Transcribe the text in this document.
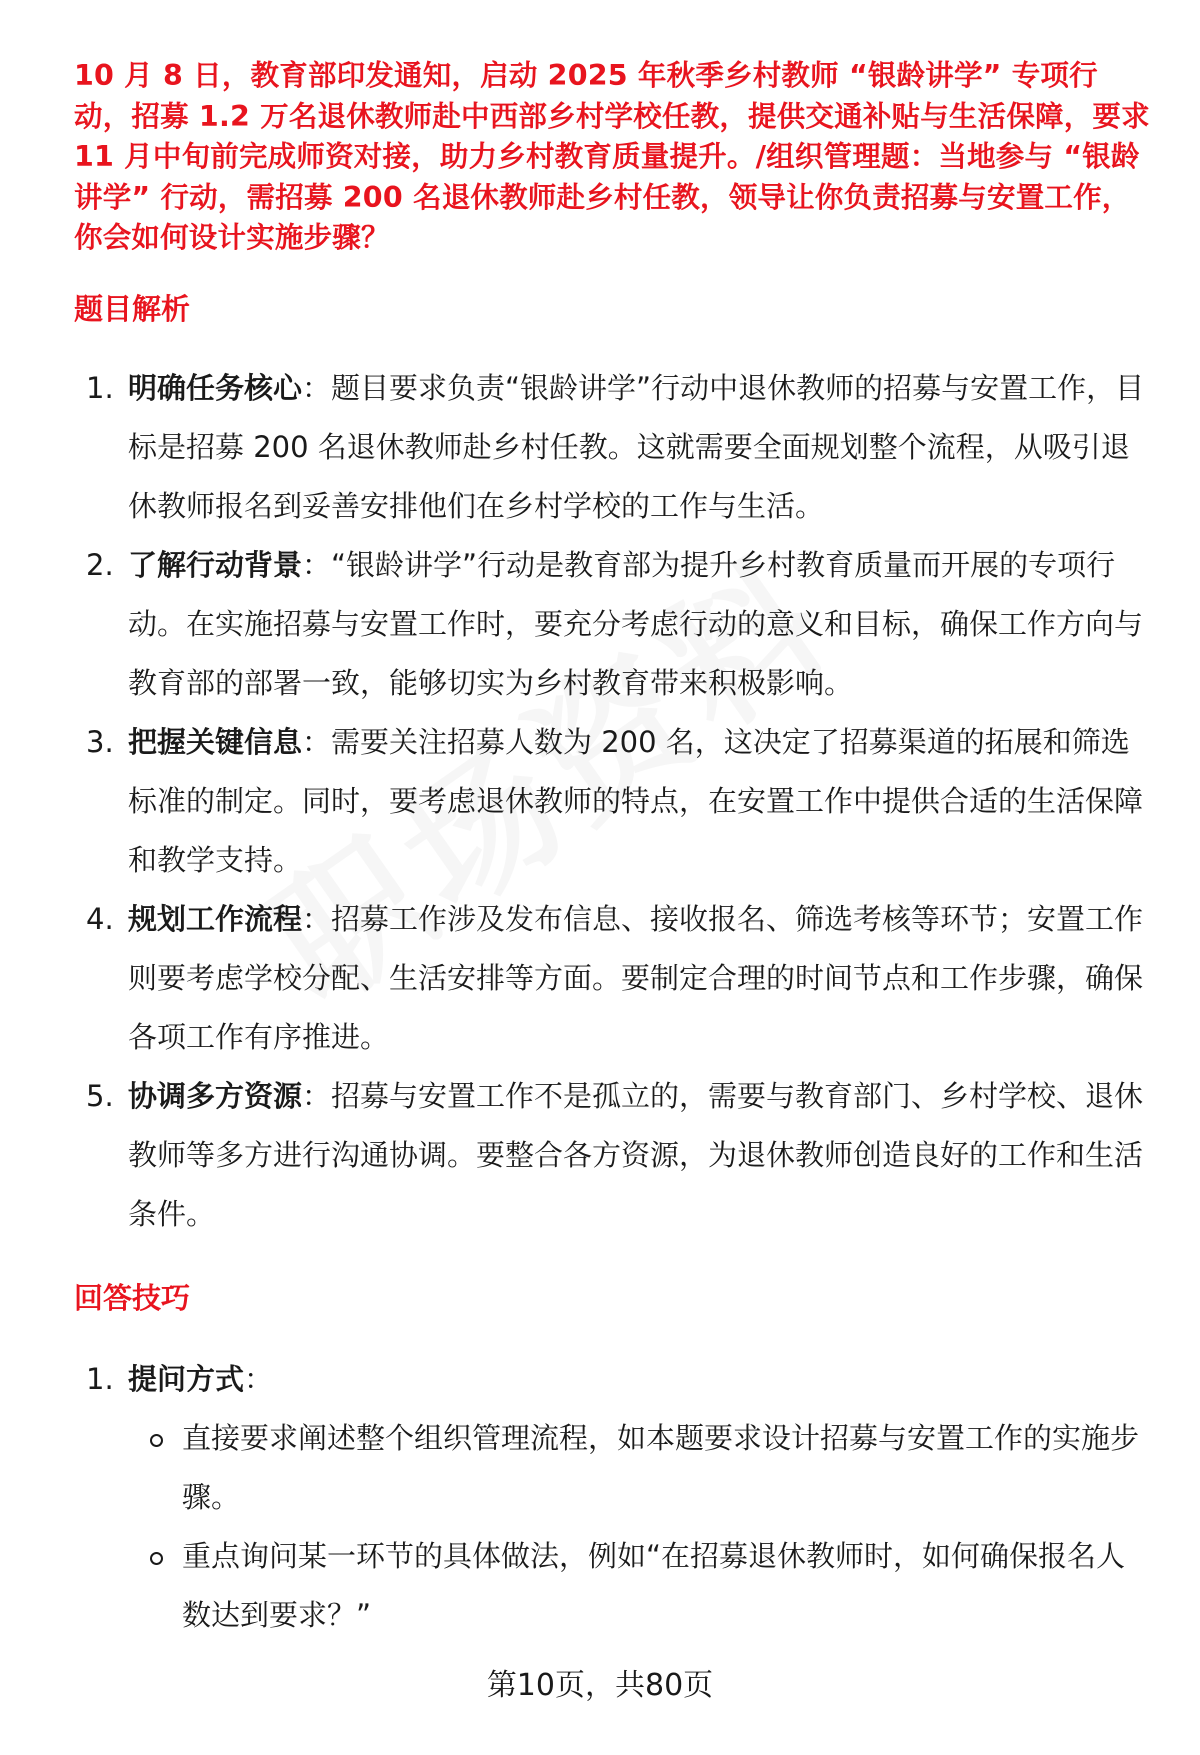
10 月 8 日，教育部印发通知，启动 2025 年秋季乡村教师 “银龄讲学” 专项行动，招募 1.2 万名退休教师赴中西部乡村学校任教，提供交通补贴与生活保障，要求 11 月中旬前完成师资对接，助力乡村教育质量提升。/组织管理题：当地参与 “银龄讲学” 行动，需招募 200 名退休教师赴乡村任教，领导让你负责招募与安置工作，你会如何设计实施步骤？

题目解析
1. 明确任务核心：题目要求负责“银龄讲学”行动中退休教师的招募与安置工作，目标是招募 200 名退休教师赴乡村任教。这就需要全面规划整个流程，从吸引退休教师报名到妥善安排他们在乡村学校的工作与生活。
2. 了解行动背景：“银龄讲学”行动是教育部为提升乡村教育质量而开展的专项行动。在实施招募与安置工作时，要充分考虑行动的意义和目标，确保工作方向与教育部的部署一致，能够切实为乡村教育带来积极影响。
3. 把握关键信息：需要关注招募人数为 200 名，这决定了招募渠道的拓展和筛选标准的制定。同时，要考虑退休教师的特点，在安置工作中提供合适的生活保障和教学支持。
4. 规划工作流程：招募工作涉及发布信息、接收报名、筛选考核等环节；安置工作则要考虑学校分配、生活安排等方面。要制定合理的时间节点和工作步骤，确保各项工作有序推进。
5. 协调多方资源：招募与安置工作不是孤立的，需要与教育部门、乡村学校、退休教师等多方进行沟通协调。要整合各方资源，为退休教师创造良好的工作和生活条件。
回答技巧
1. 提问方式：
直接要求阐述整个组织管理流程，如本题要求设计招募与安置工作的实施步骤。
重点询问某一环节的具体做法，例如“在招募退休教师时，如何确保报名人数达到要求？”
第10页，共80页
